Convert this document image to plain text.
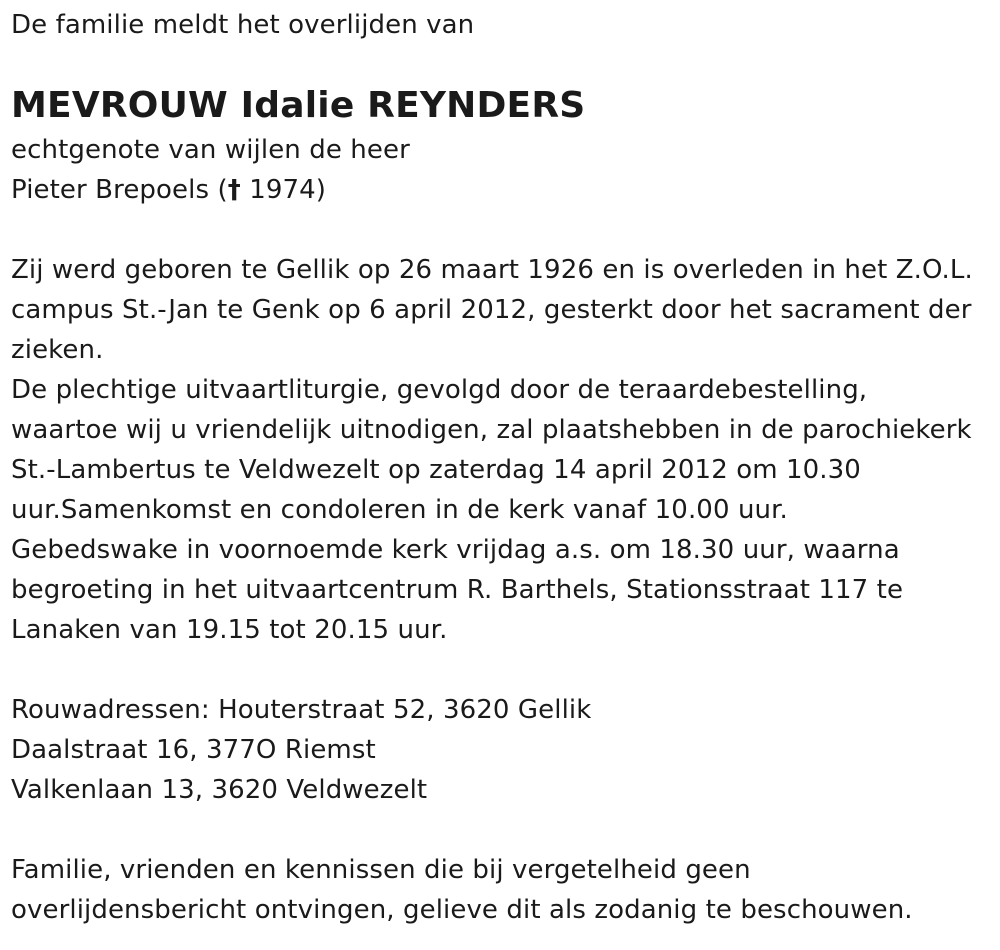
De familie meldt het overlijden van
MEVROUW Idalie REYNDERS
echtgenote van wijlen de heer
Pieter Brepoels († 1974)
Zij werd geboren te Gellik op 26 maart 1926 en is overleden in het Z.O.L.
campus St.-Jan te Genk op 6 april 2012, gesterkt door het sacrament der
zieken.
De plechtige uitvaartliturgie, gevolgd door de teraardebestelling,
waartoe wij u vriendelijk uitnodigen, zal plaatshebben in de parochiekerk
St.-Lambertus te Veldwezelt op zaterdag 14 april 2012 om 10.30
uur.Samenkomst en condoleren in de kerk vanaf 10.00 uur.
Gebedswake in voornoemde kerk vrijdag a.s. om 18.30 uur, waarna
begroeting in het uitvaartcentrum R. Barthels, Stationsstraat 117 te
Lanaken van 19.15 tot 20.15 uur.
Rouwadressen: Houterstraat 52, 3620 Gellik
Daalstraat 16, 377O Riemst
Valkenlaan 13, 3620 Veldwezelt
Familie, vrienden en kennissen die bij vergetelheid geen
overlijdensbericht ontvingen, gelieve dit als zodanig te beschouwen.
